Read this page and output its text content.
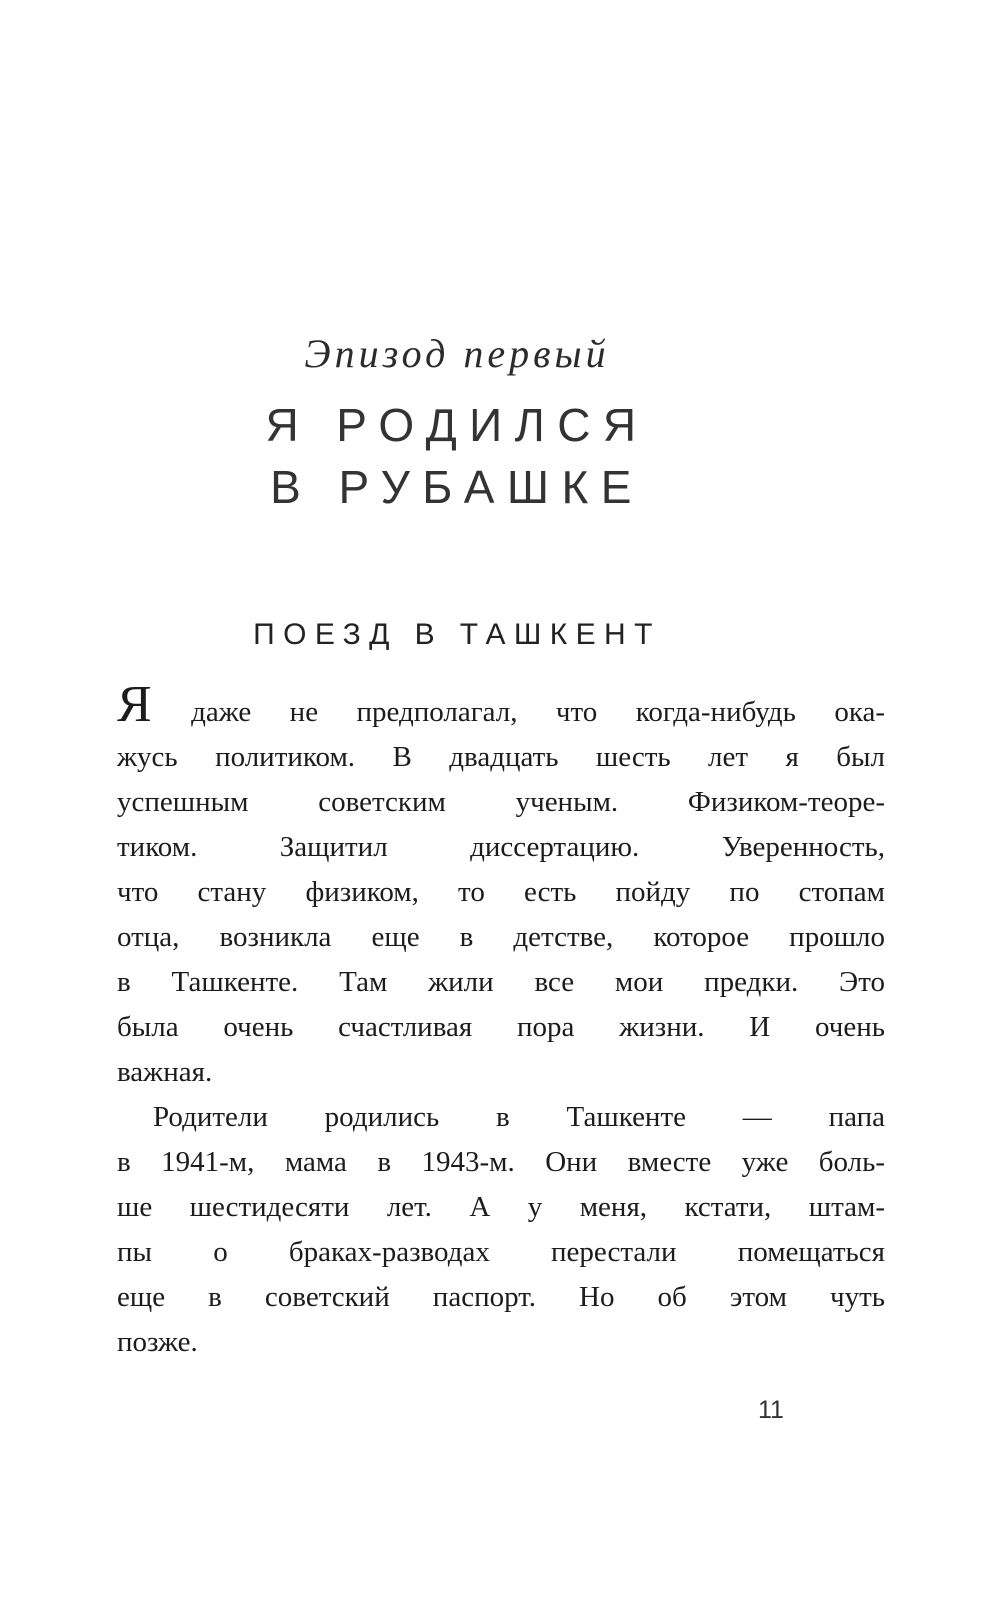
Эпизод первый
Я РОДИЛСЯ
В РУБАШКЕ
ПОЕЗД В ТАШКЕНТ
Я даже не предполагал, что когда-нибудь ока-
жусь политиком. В двадцать шесть лет я был
успешным советским ученым. Физиком-теоре-
тиком. Защитил диссертацию. Уверенность,
что стану физиком, то есть пойду по стопам
отца, возникла еще в детстве, которое прошло
в Ташкенте. Там жили все мои предки. Это
была очень счастливая пора жизни. И очень
важная.
Родители родились в Ташкенте — папа
в 1941-м, мама в 1943-м. Они вместе уже боль-
ше шестидесяти лет. А у меня, кстати, штам-
пы о браках-разводах перестали помещаться
еще в советский паспорт. Но об этом чуть
позже.
11
